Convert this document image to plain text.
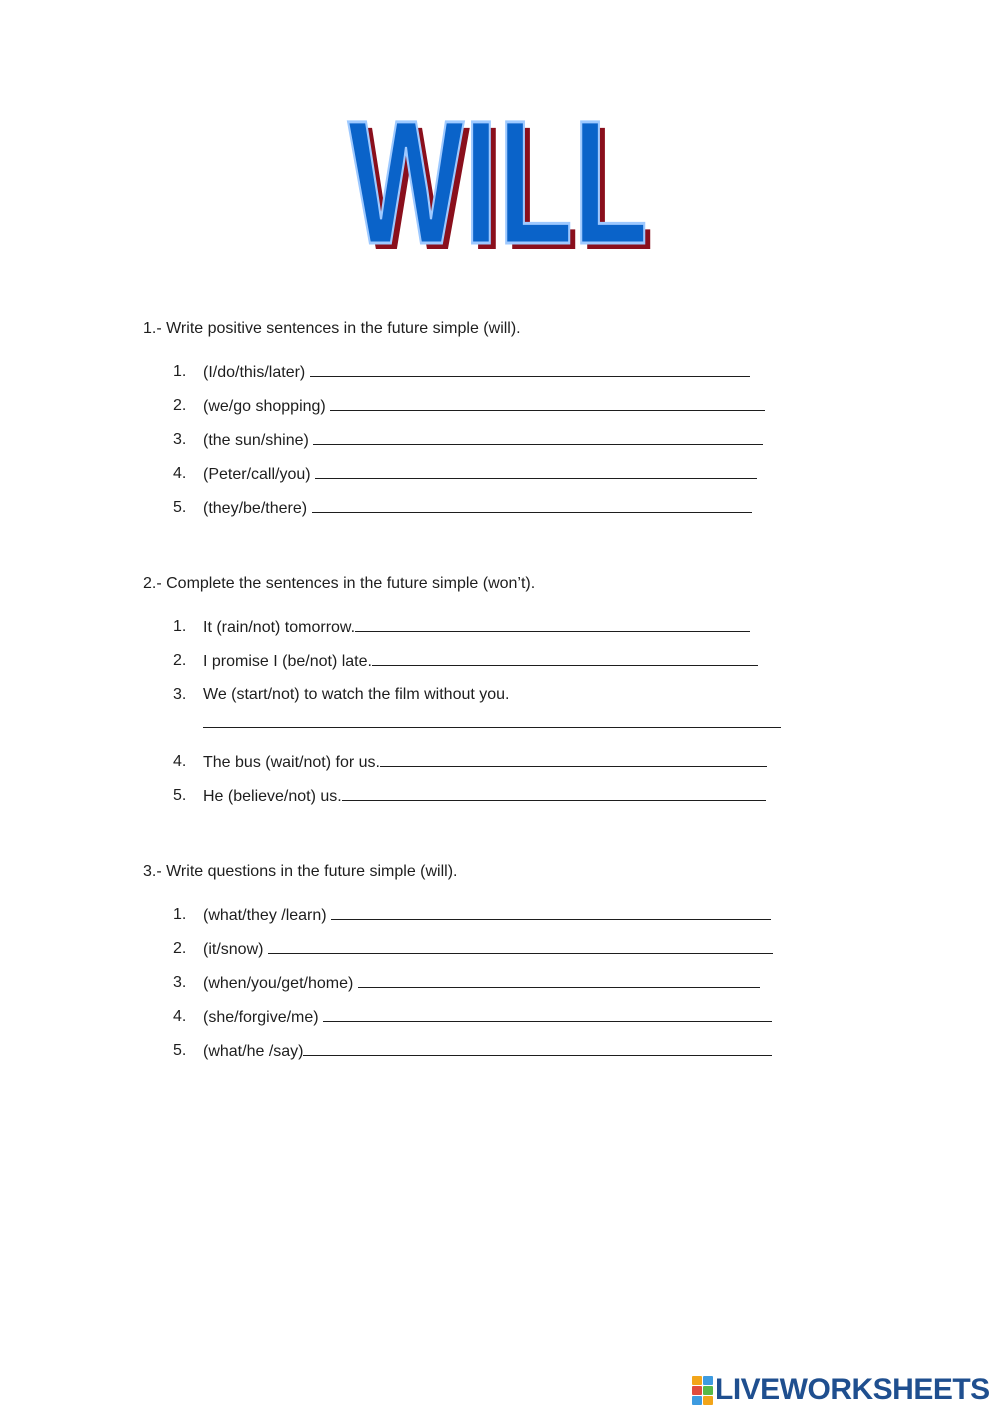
WILL
WILL

1.- Write positive sentences in the future simple (will).

1.	(I/do/this/later)
2.	(we/go shopping)
3.	(the sun/shine)
4.	(Peter/call/you)
5.	(they/be/there)

2.- Complete the sentences in the future simple (won’t).

1.	It (rain/not) tomorrow.
2.	I promise I (be/not) late.
3.	We (start/not) to watch the film without you.
4.	The bus (wait/not) for us.
5.	He (believe/not) us.

3.- Write questions in the future simple (will).

1.	(what/they /learn)
2.	(it/snow)
3.	(when/you/get/home)
4.	(she/forgive/me)
5.	(what/he /say)
LIVEWORKSHEETS
